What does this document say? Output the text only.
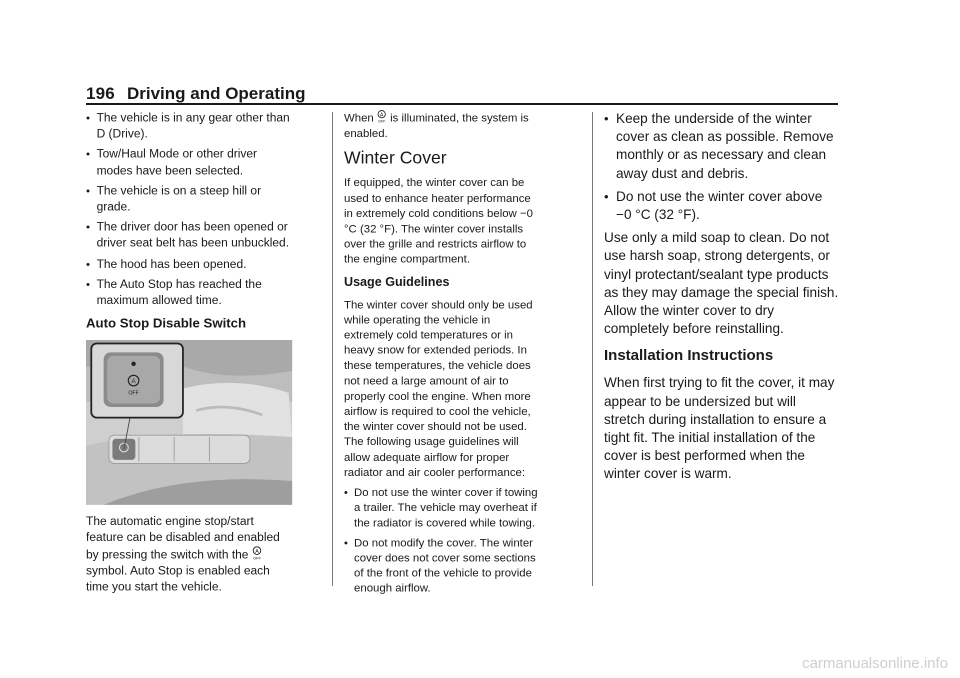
196 Driving and Operating
• The vehicle is in any gear other than D (Drive).
• Tow/Haul Mode or other driver modes have been selected.
• The vehicle is on a steep hill or grade.
• The driver door has been opened or driver seat belt has been unbuckled.
• The hood has been opened.
• The Auto Stop has reached the maximum allowed time.
Auto Stop Disable Switch
A
OFF

The automatic engine stop/start feature can be disabled and enabled by pressing the switch with the A
OFF
symbol. Auto Stop is enabled each time you start the vehicle.

When A
OFF is illuminated, the system is enabled.

Winter Cover

If equipped, the winter cover can be used to enhance heater performance in extremely cold conditions below −0 °C (32 °F). The winter cover installs over the grille and restricts airflow to the engine compartment.

Usage Guidelines

The winter cover should only be used while operating the vehicle in extremely cold temperatures or in heavy snow for extended periods. In these temperatures, the vehicle does not need a large amount of air to properly cool the engine. When more airflow is required to cool the vehicle, the winter cover should not be used. The following usage guidelines will allow adequate airflow for proper radiator and air cooler performance:

• Do not use the winter cover if towing a trailer. The vehicle may overheat if the radiator is covered while towing.
• Do not modify the cover. The winter cover does not cover some sections of the front of the vehicle to provide enough airflow.
• Keep the underside of the winter cover as clean as possible. Remove monthly or as necessary and clean away dust and debris.
• Do not use the winter cover above −0 °C (32 °F).

Use only a mild soap to clean. Do not use harsh soap, strong detergents, or vinyl protectant/sealant type products as they may damage the special finish. Allow the winter cover to dry completely before reinstalling.

Installation Instructions

When first trying to fit the cover, it may appear to be undersized but will stretch during installation to ensure a tight fit. The initial installation of the cover is best performed when the winter cover is warm.

carmanualsonline.info
